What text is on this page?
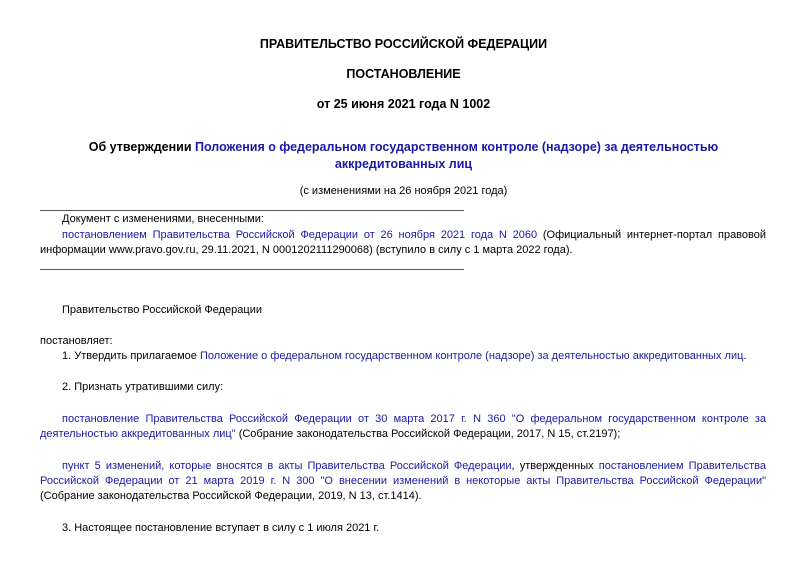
ПРАВИТЕЛЬСТВО РОССИЙСКОЙ ФЕДЕРАЦИИ
ПОСТАНОВЛЕНИЕ
от 25 июня 2021 года N 1002
Об утверждении Положения о федеральном государственном контроле (надзоре) за деятельностью аккредитованных лиц
(с изменениями на 26 ноября 2021 года)
Документ с изменениями, внесенными:
постановлением Правительства Российской Федерации от 26 ноября 2021 года N 2060 (Официальный интернет-портал правовой информации www.pravo.gov.ru, 29.11.2021, N 0001202111290068) (вступило в силу с 1 марта 2022 года).
Правительство Российской Федерации
постановляет:
1. Утвердить прилагаемое Положение о федеральном государственном контроле (надзоре) за деятельностью аккредитованных лиц.
2. Признать утратившими силу:
постановление Правительства Российской Федерации от 30 марта 2017 г. N 360 "О федеральном государственном контроле за деятельностью аккредитованных лиц" (Собрание законодательства Российской Федерации, 2017, N 15, ст.2197);
пункт 5 изменений, которые вносятся в акты Правительства Российской Федерации, утвержденных постановлением Правительства Российской Федерации от 21 марта 2019 г. N 300 "О внесении изменений в некоторые акты Правительства Российской Федерации" (Собрание законодательства Российской Федерации, 2019, N 13, ст.1414).
3. Настоящее постановление вступает в силу с 1 июля 2021 г.
